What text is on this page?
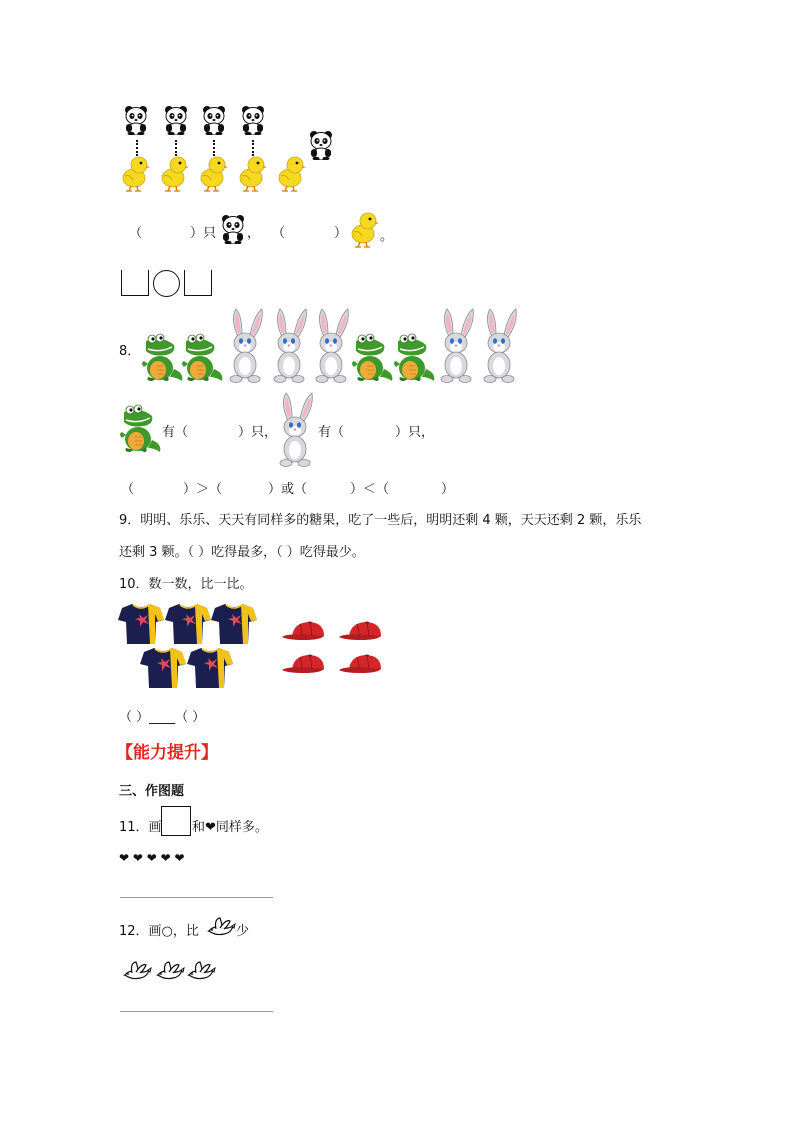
（	）只 ， （	）	。
8．
有（	）只，	有（	）只，
（	）＞（	）或（	）＜（	）
9．明明、乐乐、天天有同样多的糖果，吃了一些后，明明还剩 4 颗，天天还剩 2 颗，乐乐
还剩 3 颗。（ ）吃得最多，（ ）吃得最少。
10．数一数，比一比。
（ ）____（ ）
【能力提升】
三、作图题
11．画 和❤同样多。
❤ ❤ ❤ ❤ ❤
12．画○，比	少
